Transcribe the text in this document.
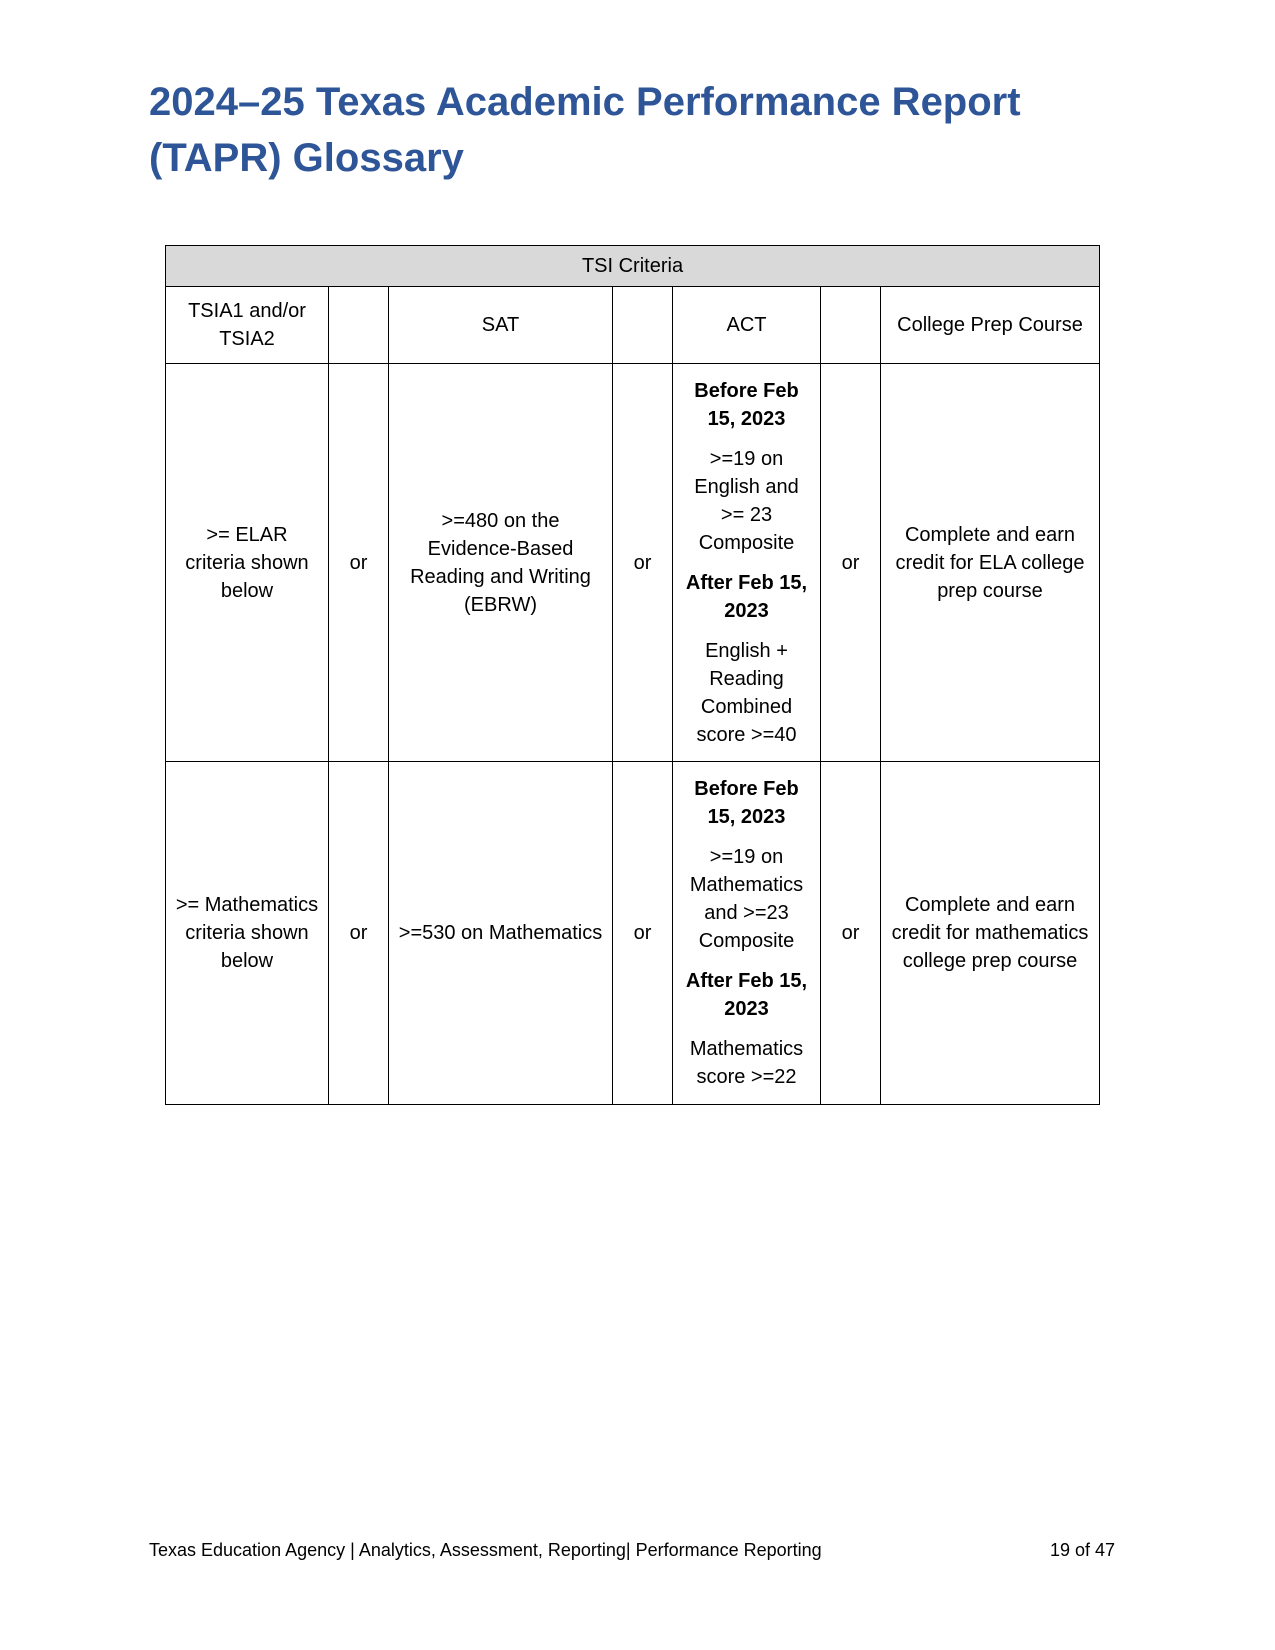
2024–25 Texas Academic Performance Report
(TAPR) Glossary
TSI Criteria						
TSIA1 and/or TSIA2		SAT		ACT		College Prep Course
>= ELAR criteria shown below	or	>=480 on the Evidence-Based Reading and Writing (EBRW)	or	Before Feb 15, 2023
>=19 on English and >= 23 Composite
After Feb 15, 2023
English + Reading Combined score >=40	or	Complete and earn credit for ELA college prep course
>= Mathematics criteria shown below	or	>=530 on Mathematics	or	Before Feb 15, 2023
>=19 on Mathematics and >=23 Composite
After Feb 15, 2023
Mathematics score >=22	or	Complete and earn credit for mathematics college prep course
Texas Education Agency | Analytics, Assessment, Reporting| Performance Reporting	19 of 47
